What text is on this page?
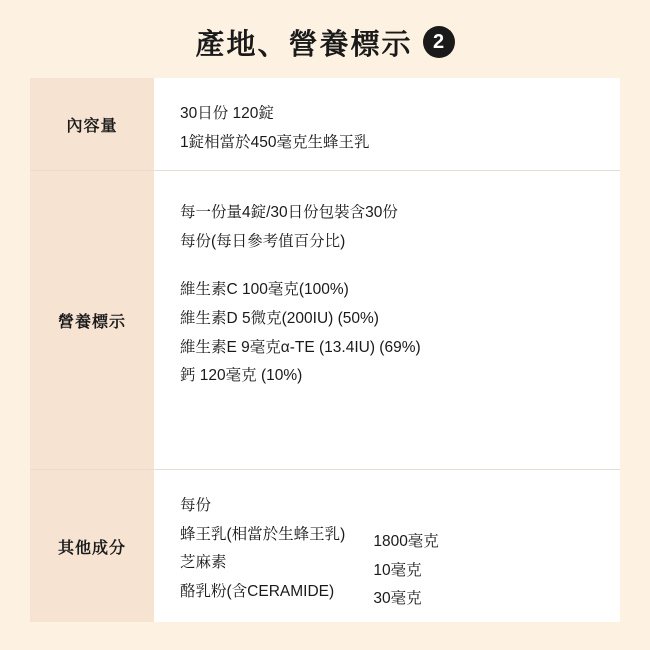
產地、營養標示	2
內容量
30日份 120錠
1錠相當於450毫克生蜂王乳
營養標示
每一份量4錠/30日份包裝含30份
每份(每日參考值百分比)
維生素C 100毫克(100%)
維生素D 5微克(200IU) (50%)
維生素E 9毫克α-TE (13.4IU) (69%)
鈣 120毫克 (10%)
其他成分
每份
蜂王乳(相當於生蜂王乳)
芝麻素
酪乳粉(含CERAMIDE)
1800毫克
10毫克
30毫克
